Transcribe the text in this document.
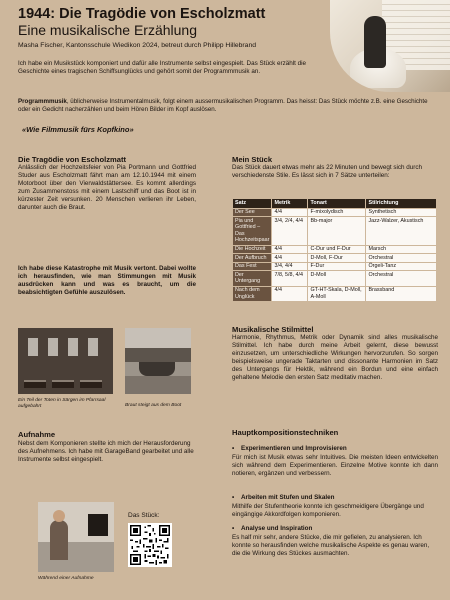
1944: Die Tragödie von Escholzmatt
Eine musikalische Erzählung
Masha Fischer, Kantonsschule Wiedikon 2024, betreut durch Philipp Hillebrand
Ich habe ein Musikstück komponiert und dafür alle Instrumente selbst eingespielt. Das Stück erzählt die Geschichte eines tragischen Schiffsunglücks und gehört somit der Programmmusik an.
Programmmusik, üblicherweise Instrumentalmusik, folgt einem aussermusikalischen Programm. Das heisst: Das Stück möchte z.B. eine Geschichte oder ein Gedicht nacherzählen und beim Hören Bilder im Kopf auslösen.
«Wie Filmmusik fürs Kopfkino»
Die Tragödie von Escholzmatt
Anlässlich der Hochzeitsfeier von Pia Portmann und Gottfried Studer aus Escholzmatt fährt man am 12.10.1944 mit einem Motorboot über den Vierwaldstättersee. Es kommt allerdings zum Zusammenstoss mit einem Lastschiff und das Boot ist in kürzester Zeit versunken. 20 Menschen verlieren ihr Leben, darunter auch die Braut.
Ich habe diese Katastrophe mit Musik vertont. Dabei wollte ich herausfinden, wie man Stimmungen mit Musik ausdrücken kann und was es braucht, um die beabsichtigten Gefühle auszulösen.
Mein Stück
Das Stück dauert etwas mehr als 22 Minuten und bewegt sich durch verschiedenste Stile. Es lässt sich in 7 Sätze unterteilen:
Satz	Metrik	Tonart	Stilrichtung
Der See	4/4	F-mixolydisch	Synthetisch
Pia und Gottfried – Das Hochzeitspaar	3/4, 2/4, 4/4	Bb-major	Jazz-Walzer, Akustisch
Die Hochzeit	4/4	C-Dur und F-Dur	Marsch
Der Aufbruch	4/4	D-Moll, F-Dur	Orchestral
Das Fest	3/4, 4/4	F-Dur	Örgeli-Tanz
Der Untergang	7/8, 5/8, 4/4	D-Moll	Orchestral
Nach dem Unglück	4/4	GT-HT-Skala, D-Moll, A-Moll	Brassband
Ein Teil der Toten in Särgen im Pfarrsaal aufgebahrt	Braut steigt aus dem Boot
Musikalische Stilmittel
Harmonie, Rhythmus, Metrik oder Dynamik sind alles musikalische Stilmittel. Ich habe durch meine Arbeit gelernt, diese bewusst einzusetzen, um unterschiedliche Wirkungen hervorzurufen. So sorgen beispielsweise ungerade Taktarten und dissonante Harmonien im Satz des Untergangs für Hektik, während ein Bordun und eine einfach gehaltene Melodie den ersten Satz meditativ machen.
Aufnahme
Nebst dem Komponieren stellte ich mich der Herausforderung des Aufnehmens. Ich habe mit GarageBand gearbeitet und alle Instrumente selbst eingespielt.
Während einer Aufnahme
Das Stück:
Hauptkompositionstechniken
• Experimentieren und Improvisieren
Für mich ist Musik etwas sehr Intuitives. Die meisten Ideen entwickelten sich während dem Experimentieren. Einzelne Motive konnte ich dann notieren, ergänzen und verbessern.
• Arbeiten mit Stufen und Skalen
Mithilfe der Stufentheorie konnte ich geschmeidigere Übergänge und eingängige Akkordfolgen komponieren.
• Analyse und Inspiration
Es half mir sehr, andere Stücke, die mir gefielen, zu analysieren. Ich konnte so herausfinden welche musikalische Aspekte es genau waren, die die Wirkung des Stückes ausmachten.
